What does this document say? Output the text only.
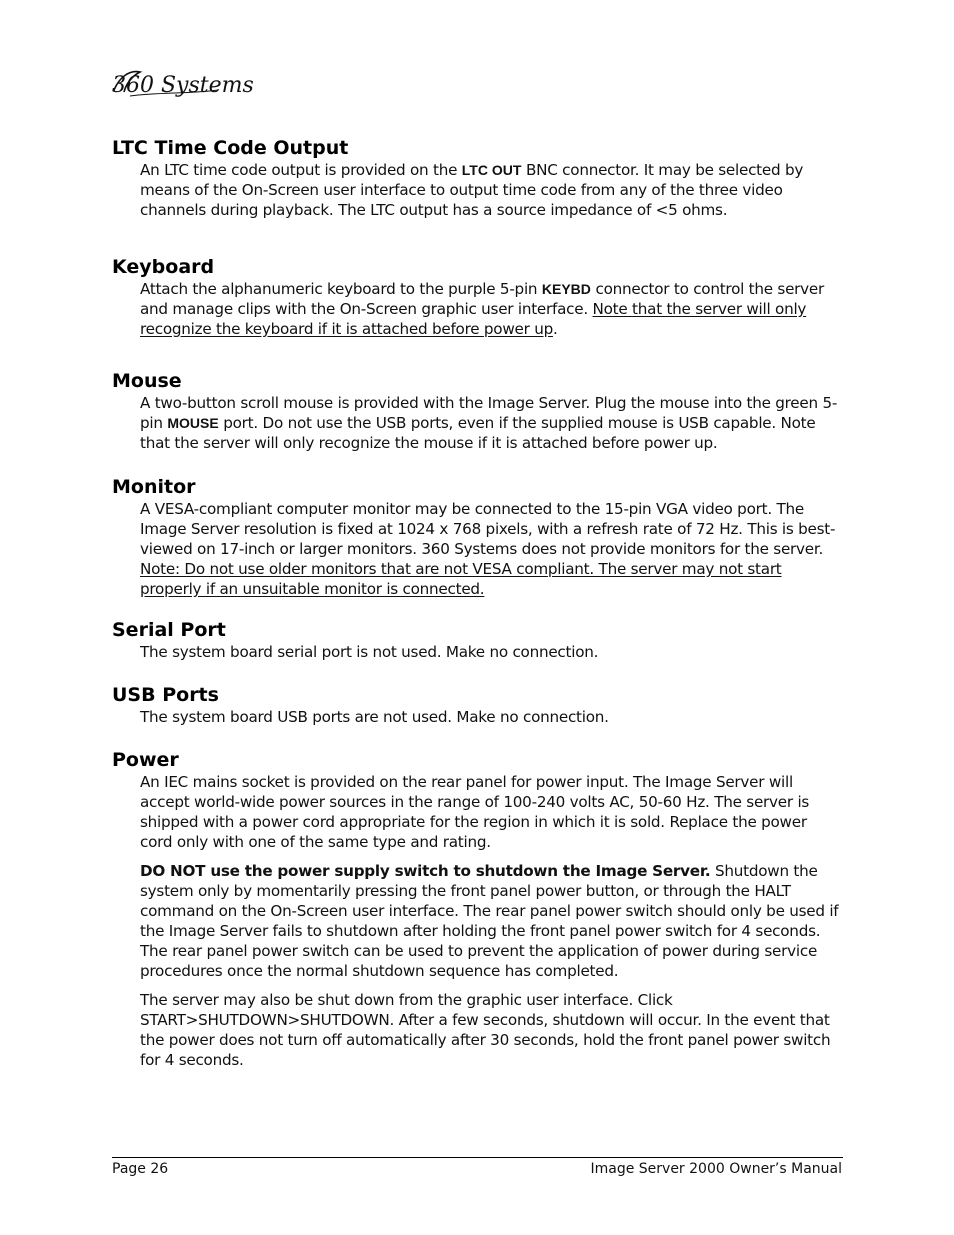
360 Systems
LTC Time Code Output

An LTC time code output is provided on the LTC OUT BNC connector. It may be selected by means of the On-Screen user interface to output time code from any of the three video channels during playback. The LTC output has a source impedance of <5 ohms.

Keyboard

Attach the alphanumeric keyboard to the purple 5-pin KEYBD connector to control the server and manage clips with the On-Screen graphic user interface. Note that the server will only recognize the keyboard if it is attached before power up.

Mouse

A two-button scroll mouse is provided with the Image Server. Plug the mouse into the green 5-pin MOUSE port. Do not use the USB ports, even if the supplied mouse is USB capable. Note that the server will only recognize the mouse if it is attached before power up.

Monitor

A VESA-compliant computer monitor may be connected to the 15-pin VGA video port. The Image Server resolution is fixed at 1024 x 768 pixels, with a refresh rate of 72 Hz. This is best-viewed on 17-inch or larger monitors. 360 Systems does not provide monitors for the server. Note: Do not use older monitors that are not VESA compliant. The server may not start properly if an unsuitable monitor is connected.

Serial Port

The system board serial port is not used. Make no connection.

USB Ports

The system board USB ports are not used. Make no connection.

Power

An IEC mains socket is provided on the rear panel for power input. The Image Server will accept world-wide power sources in the range of 100-240 volts AC, 50-60 Hz. The server is shipped with a power cord appropriate for the region in which it is sold. Replace the power cord only with one of the same type and rating.

DO NOT use the power supply switch to shutdown the Image Server. Shutdown the system only by momentarily pressing the front panel power button, or through the HALT command on the On-Screen user interface. The rear panel power switch should only be used if the Image Server fails to shutdown after holding the front panel power switch for 4 seconds. The rear panel power switch can be used to prevent the application of power during service procedures once the normal shutdown sequence has completed.

The server may also be shut down from the graphic user interface. Click START>SHUTDOWN>SHUTDOWN. After a few seconds, shutdown will occur. In the event that the power does not turn off automatically after 30 seconds, hold the front panel power switch for 4 seconds.

Page 26	Image Server 2000 Owner’s Manual
